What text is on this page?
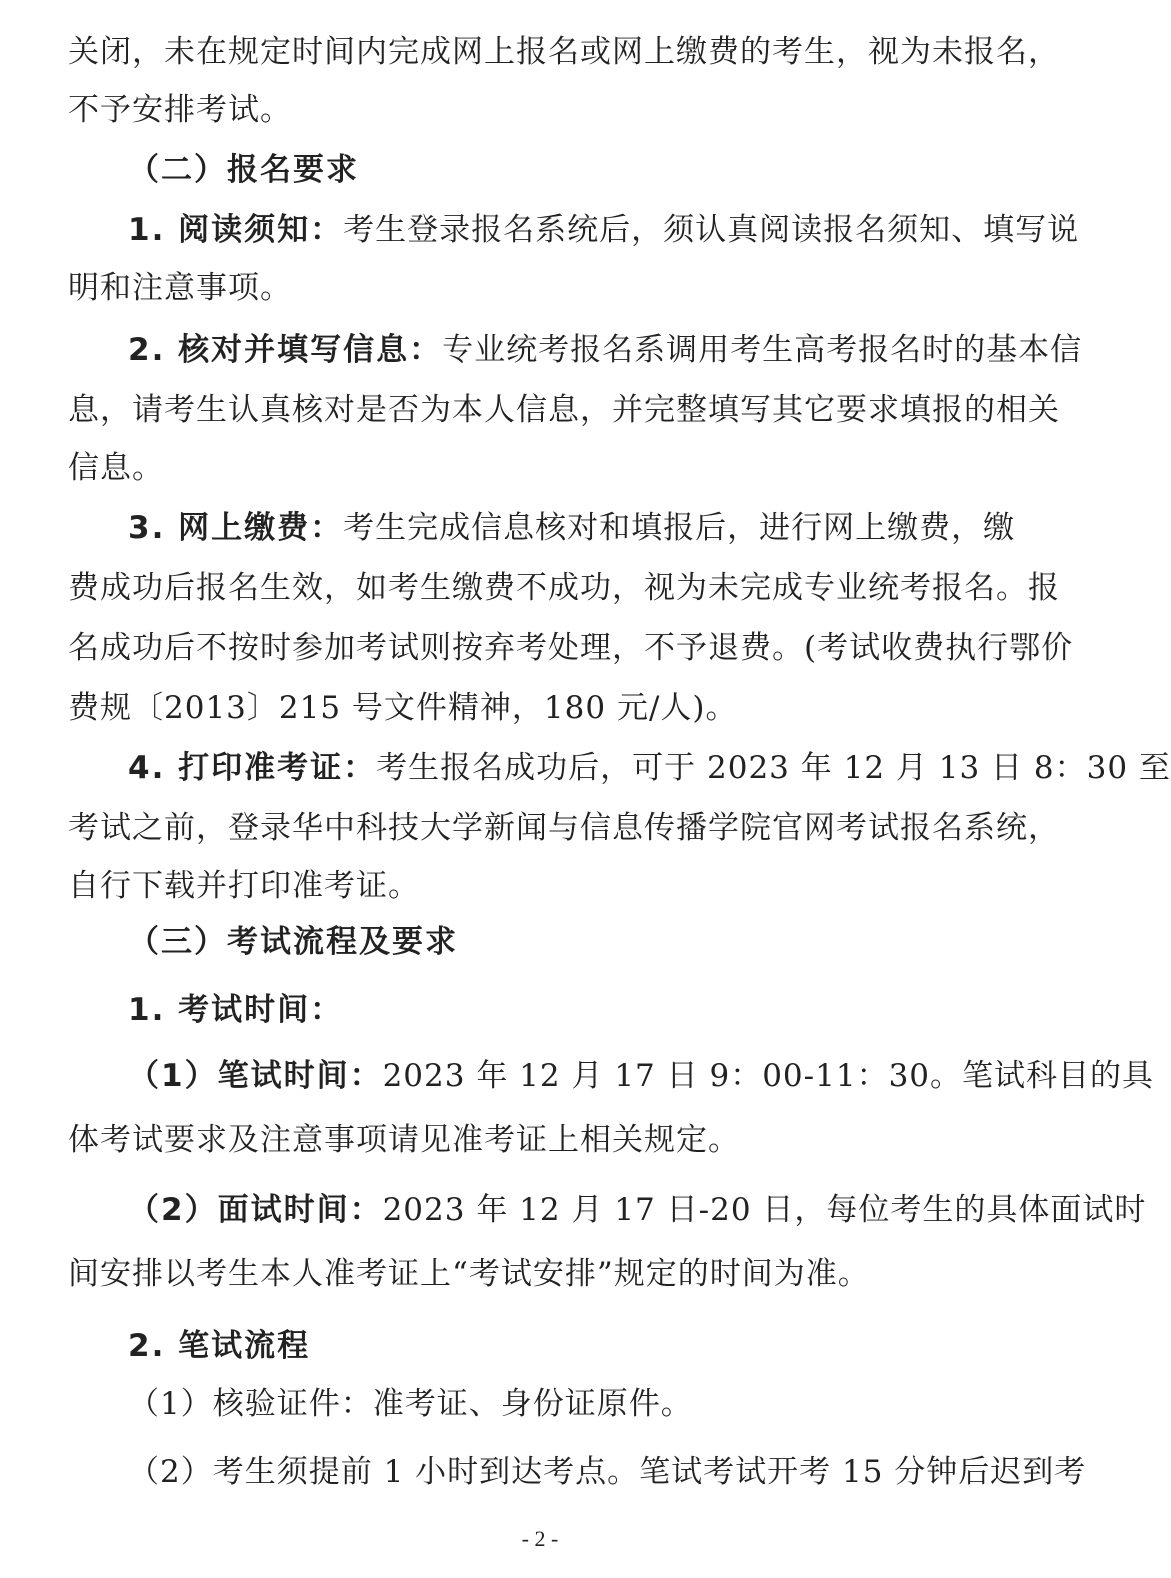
关闭，未在规定时间内完成网上报名或网上缴费的考生，视为未报名，
不予安排考试。
（二）报名要求
1. 阅读须知：考生登录报名系统后，须认真阅读报名须知、填写说
明和注意事项。
2. 核对并填写信息：专业统考报名系调用考生高考报名时的基本信
息，请考生认真核对是否为本人信息，并完整填写其它要求填报的相关
信息。
3. 网上缴费：考生完成信息核对和填报后，进行网上缴费，缴
费成功后报名生效，如考生缴费不成功，视为未完成专业统考报名。报
名成功后不按时参加考试则按弃考处理，不予退费。(考试收费执行鄂价
费规〔2013〕215 号文件精神，180 元/人)。
4. 打印准考证：考生报名成功后，可于 2023 年 12 月 13 日 8：30 至
考试之前，登录华中科技大学新闻与信息传播学院官网考试报名系统，
自行下载并打印准考证。
（三）考试流程及要求
1. 考试时间：
（1）笔试时间：2023 年 12 月 17 日 9：00-11：30。笔试科目的具
体考试要求及注意事项请见准考证上相关规定。
（2）面试时间：2023 年 12 月 17 日-20 日，每位考生的具体面试时
间安排以考生本人准考证上“考试安排”规定的时间为准。
2. 笔试流程
（1）核验证件：准考证、身份证原件。
（2）考生须提前 1 小时到达考点。笔试考试开考 15 分钟后迟到考
- 2 -
